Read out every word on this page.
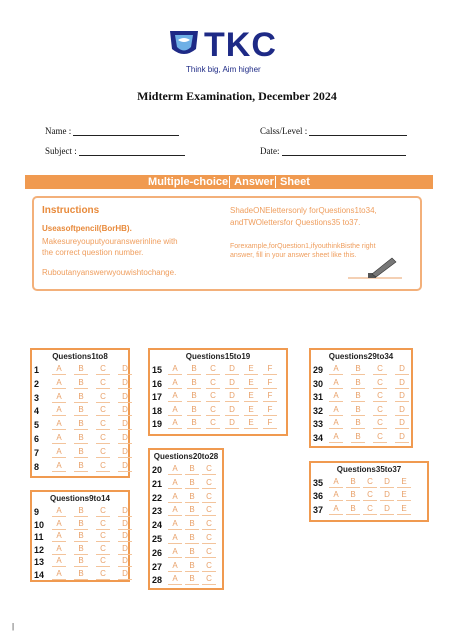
TKC
Think big, Aim higher
Midterm Examination, December 2024
Name :	Calss/Level :
Subject :	Date:
Multiple-choice Answer Sheet
Instructions
Useasoftpencil(BorHB).
Makesureyouputyouranswerinline with
the correct question number.
Ruboutanyanswerwyouwishtochange.
ShadeONElettersonly forQuestions1to34,
andTWOlettersfor Questions35 to37.
Forexample,forQuestion1,ifyouthinkBisthe right
answer, fill in your answer sheet like this.
Questions1to8
1	A	B	C	D
2	A	B	C	D
3	A	B	C	D
4	A	B	C	D
5	A	B	C	D
6	A	B	C	D
7	A	B	C	D
8	A	B	C	D
Questions9to14
9	A	B	C	D
10	A	B	C	D
11	A	B	C	D
12	A	B	C	D
13	A	B	C	D
14	A	B	C	D
Questions15to19
15	A	B	C	D	E	F
16	A	B	C	D	E	F
17	A	B	C	D	E	F
18	A	B	C	D	E	F
19	A	B	C	D	E	F
Questions20to28
20	A	B	C
21	A	B	C
22	A	B	C
23	A	B	C
24	A	B	C
25	A	B	C
26	A	B	C
27	A	B	C
28	A	B	C
Questions29to34
29	A	B	C	D
30	A	B	C	D
31	A	B	C	D
32	A	B	C	D
33	A	B	C	D
34	A	B	C	D
Questions35to37
35	A	B	C	D	E
36	A	B	C	D	E
37	A	B	C	D	E
|
